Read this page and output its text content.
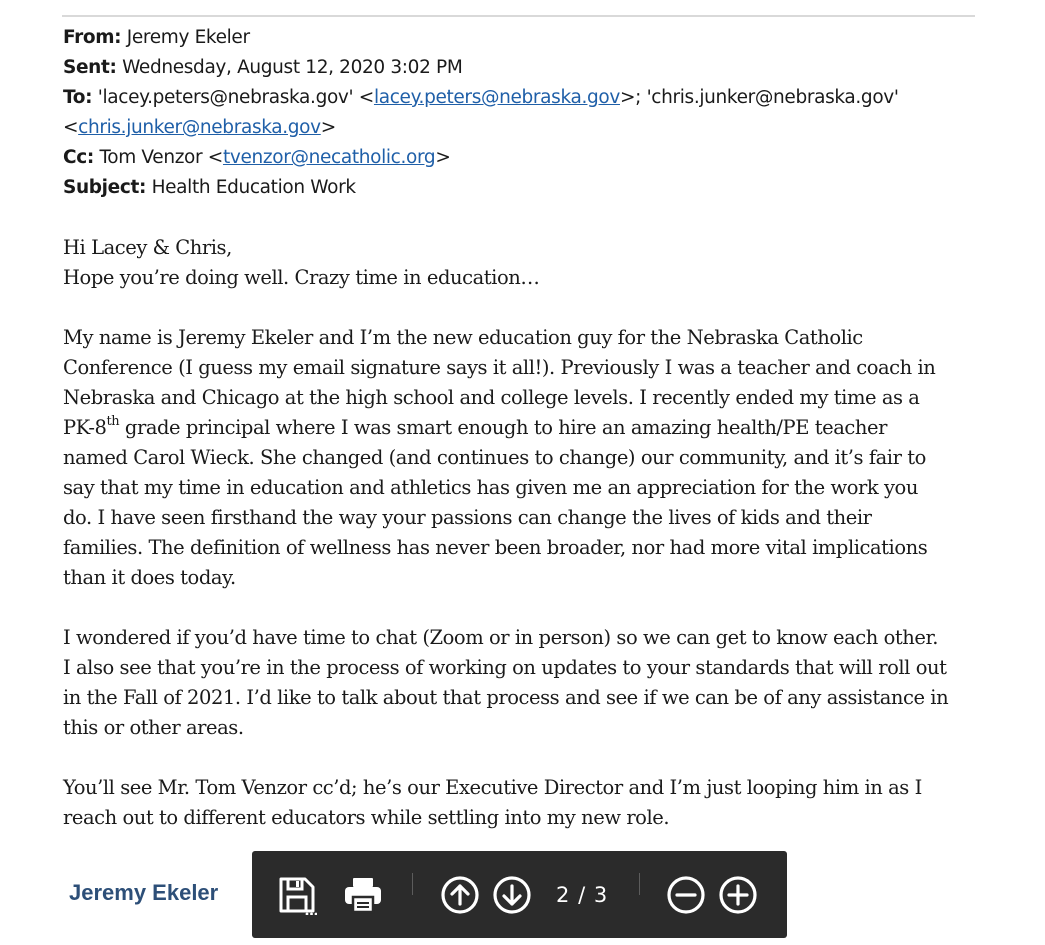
From: Jeremy Ekeler
Sent: Wednesday, August 12, 2020 3:02 PM
To: 'lacey.peters@nebraska.gov' <lacey.peters@nebraska.gov>; 'chris.junker@nebraska.gov'
<chris.junker@nebraska.gov>
Cc: Tom Venzor <tvenzor@necatholic.org>
Subject: Health Education Work

Hi Lacey & Chris,
Hope you’re doing well. Crazy time in education…

My name is Jeremy Ekeler and I’m the new education guy for the Nebraska Catholic
Conference (I guess my email signature says it all!). Previously I was a teacher and coach in
Nebraska and Chicago at the high school and college levels. I recently ended my time as a
PK-8th grade principal where I was smart enough to hire an amazing health/PE teacher
named Carol Wieck. She changed (and continues to change) our community, and it’s fair to
say that my time in education and athletics has given me an appreciation for the work you
do. I have seen firsthand the way your passions can change the lives of kids and their
families. The definition of wellness has never been broader, nor had more vital implications
than it does today.

I wondered if you’d have time to chat (Zoom or in person) so we can get to know each other.
I also see that you’re in the process of working on updates to your standards that will roll out
in the Fall of 2021. I’d like to talk about that process and see if we can be of any assistance in
this or other areas.

You’ll see Mr. Tom Venzor cc’d; he’s our Executive Director and I’m just looping him in as I
reach out to different educators while settling into my new role.

Jeremy Ekeler	2 / 3
